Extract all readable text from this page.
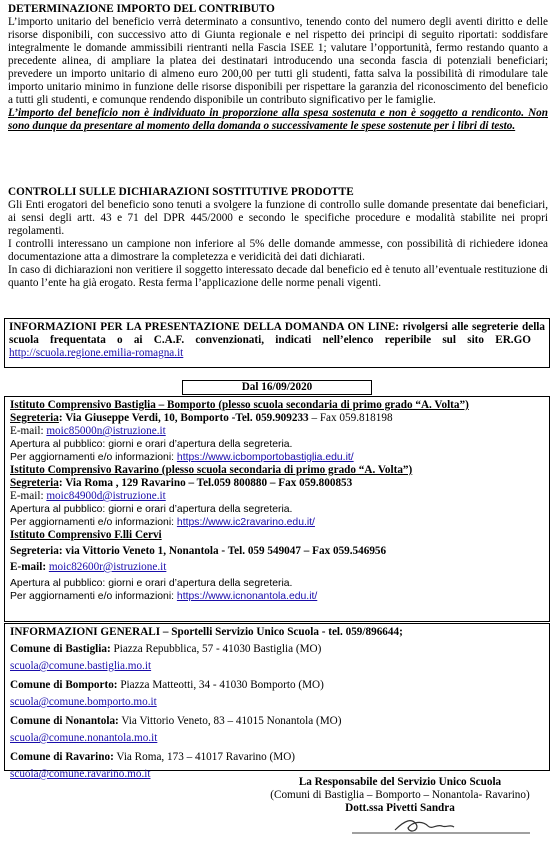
DETERMINAZIONE IMPORTO DEL CONTRIBUTO

L’importo unitario del beneficio verrà determinato a consuntivo, tenendo conto del numero degli aventi diritto e delle risorse disponibili, con successivo atto di Giunta regionale e nel rispetto dei principi di seguito riportati: soddisfare integralmente le domande ammissibili rientranti nella Fascia ISEE 1; valutare l’opportunità, fermo restando quanto a precedente alinea, di ampliare la platea dei destinatari introducendo una seconda fascia di potenziali beneficiari; prevedere un importo unitario di almeno euro 200,00 per tutti gli studenti, fatta salva la possibilità di rimodulare tale importo unitario minimo in funzione delle risorse disponibili per rispettare la garanzia del riconoscimento del beneficio a tutti gli studenti, e comunque rendendo disponibile un contributo significativo per le famiglie.

L’importo del beneficio non è individuato in proporzione alla spesa sostenuta e non è soggetto a rendiconto. Non sono dunque da presentare al momento della domanda o successivamente le spese sostenute per i libri di testo.

CONTROLLI SULLE DICHIARAZIONI SOSTITUTIVE PRODOTTE

Gli Enti erogatori del beneficio sono tenuti a svolgere la funzione di controllo sulle domande presentate dai beneficiari, ai sensi degli artt. 43 e 71 del DPR 445/2000 e secondo le specifiche procedure e modalità stabilite nei propri regolamenti.

I controlli interessano un campione non inferiore al 5% delle domande ammesse, con possibilità di richiedere idonea documentazione atta a dimostrare la completezza e veridicità dei dati dichiarati.

In caso di dichiarazioni non veritiere il soggetto interessato decade dal beneficio ed è tenuto all’eventuale restituzione di quanto l’ente ha già erogato. Resta ferma l’applicazione delle norme penali vigenti.

INFORMAZIONI PER LA PRESENTAZIONE DELLA DOMANDA ON LINE: rivolgersi alle segreterie della scuola frequentata o ai C.A.F. convenzionati, indicati nell’elenco reperibile sul sito ER.GO   http://scuola.regione.emilia-romagna.it

Dal 16/09/2020
Istituto Comprensivo Bastiglia – Bomporto (plesso scuola secondaria di primo grado “A. Volta”)
Segreteria: Via Giuseppe Verdi, 10, Bomporto -Tel. 059.909233 – Fax 059.818198
E-mail: moic85000n@istruzione.it
Apertura al pubblico: giorni e orari d’apertura della segreteria.
Per aggiornamenti e/o informazioni: https://www.icbomportobastiglia.edu.it/
Istituto Comprensivo Ravarino (plesso scuola secondaria di primo grado “A. Volta”)
Segreteria: Via Roma , 129 Ravarino – Tel.059 800880 – Fax 059.800853
E-mail: moic84900d@istruzione.it
Apertura al pubblico: giorni e orari d’apertura della segreteria.
Per aggiornamenti e/o informazioni: https://www.ic2ravarino.edu.it/
Istituto Comprensivo F.lli Cervi
Segreteria: via Vittorio Veneto 1, Nonantola - Tel. 059 549047 – Fax 059.546956
E-mail: moic82600r@istruzione.it
Apertura al pubblico: giorni e orari d’apertura della segreteria.
Per aggiornamenti e/o informazioni: https://www.icnonantola.edu.it/
INFORMAZIONI GENERALI – Sportelli Servizio Unico Scuola - tel. 059/896644;
Comune di Bastiglia: Piazza Repubblica, 57 - 41030 Bastiglia (MO)
scuola@comune.bastiglia.mo.it
Comune di Bomporto: Piazza Matteotti, 34 - 41030 Bomporto (MO)
scuola@comune.bomporto.mo.it
Comune di Nonantola: Via Vittorio Veneto, 83 – 41015 Nonantola (MO)
scuola@comune.nonantola.mo.it
Comune di Ravarino: Via Roma, 173 – 41017 Ravarino (MO)
scuola@comune.ravarino.mo.it
La Responsabile del Servizio Unico Scuola
(Comuni di Bastiglia – Bomporto – Nonantola- Ravarino)
Dott.ssa Pivetti Sandra
